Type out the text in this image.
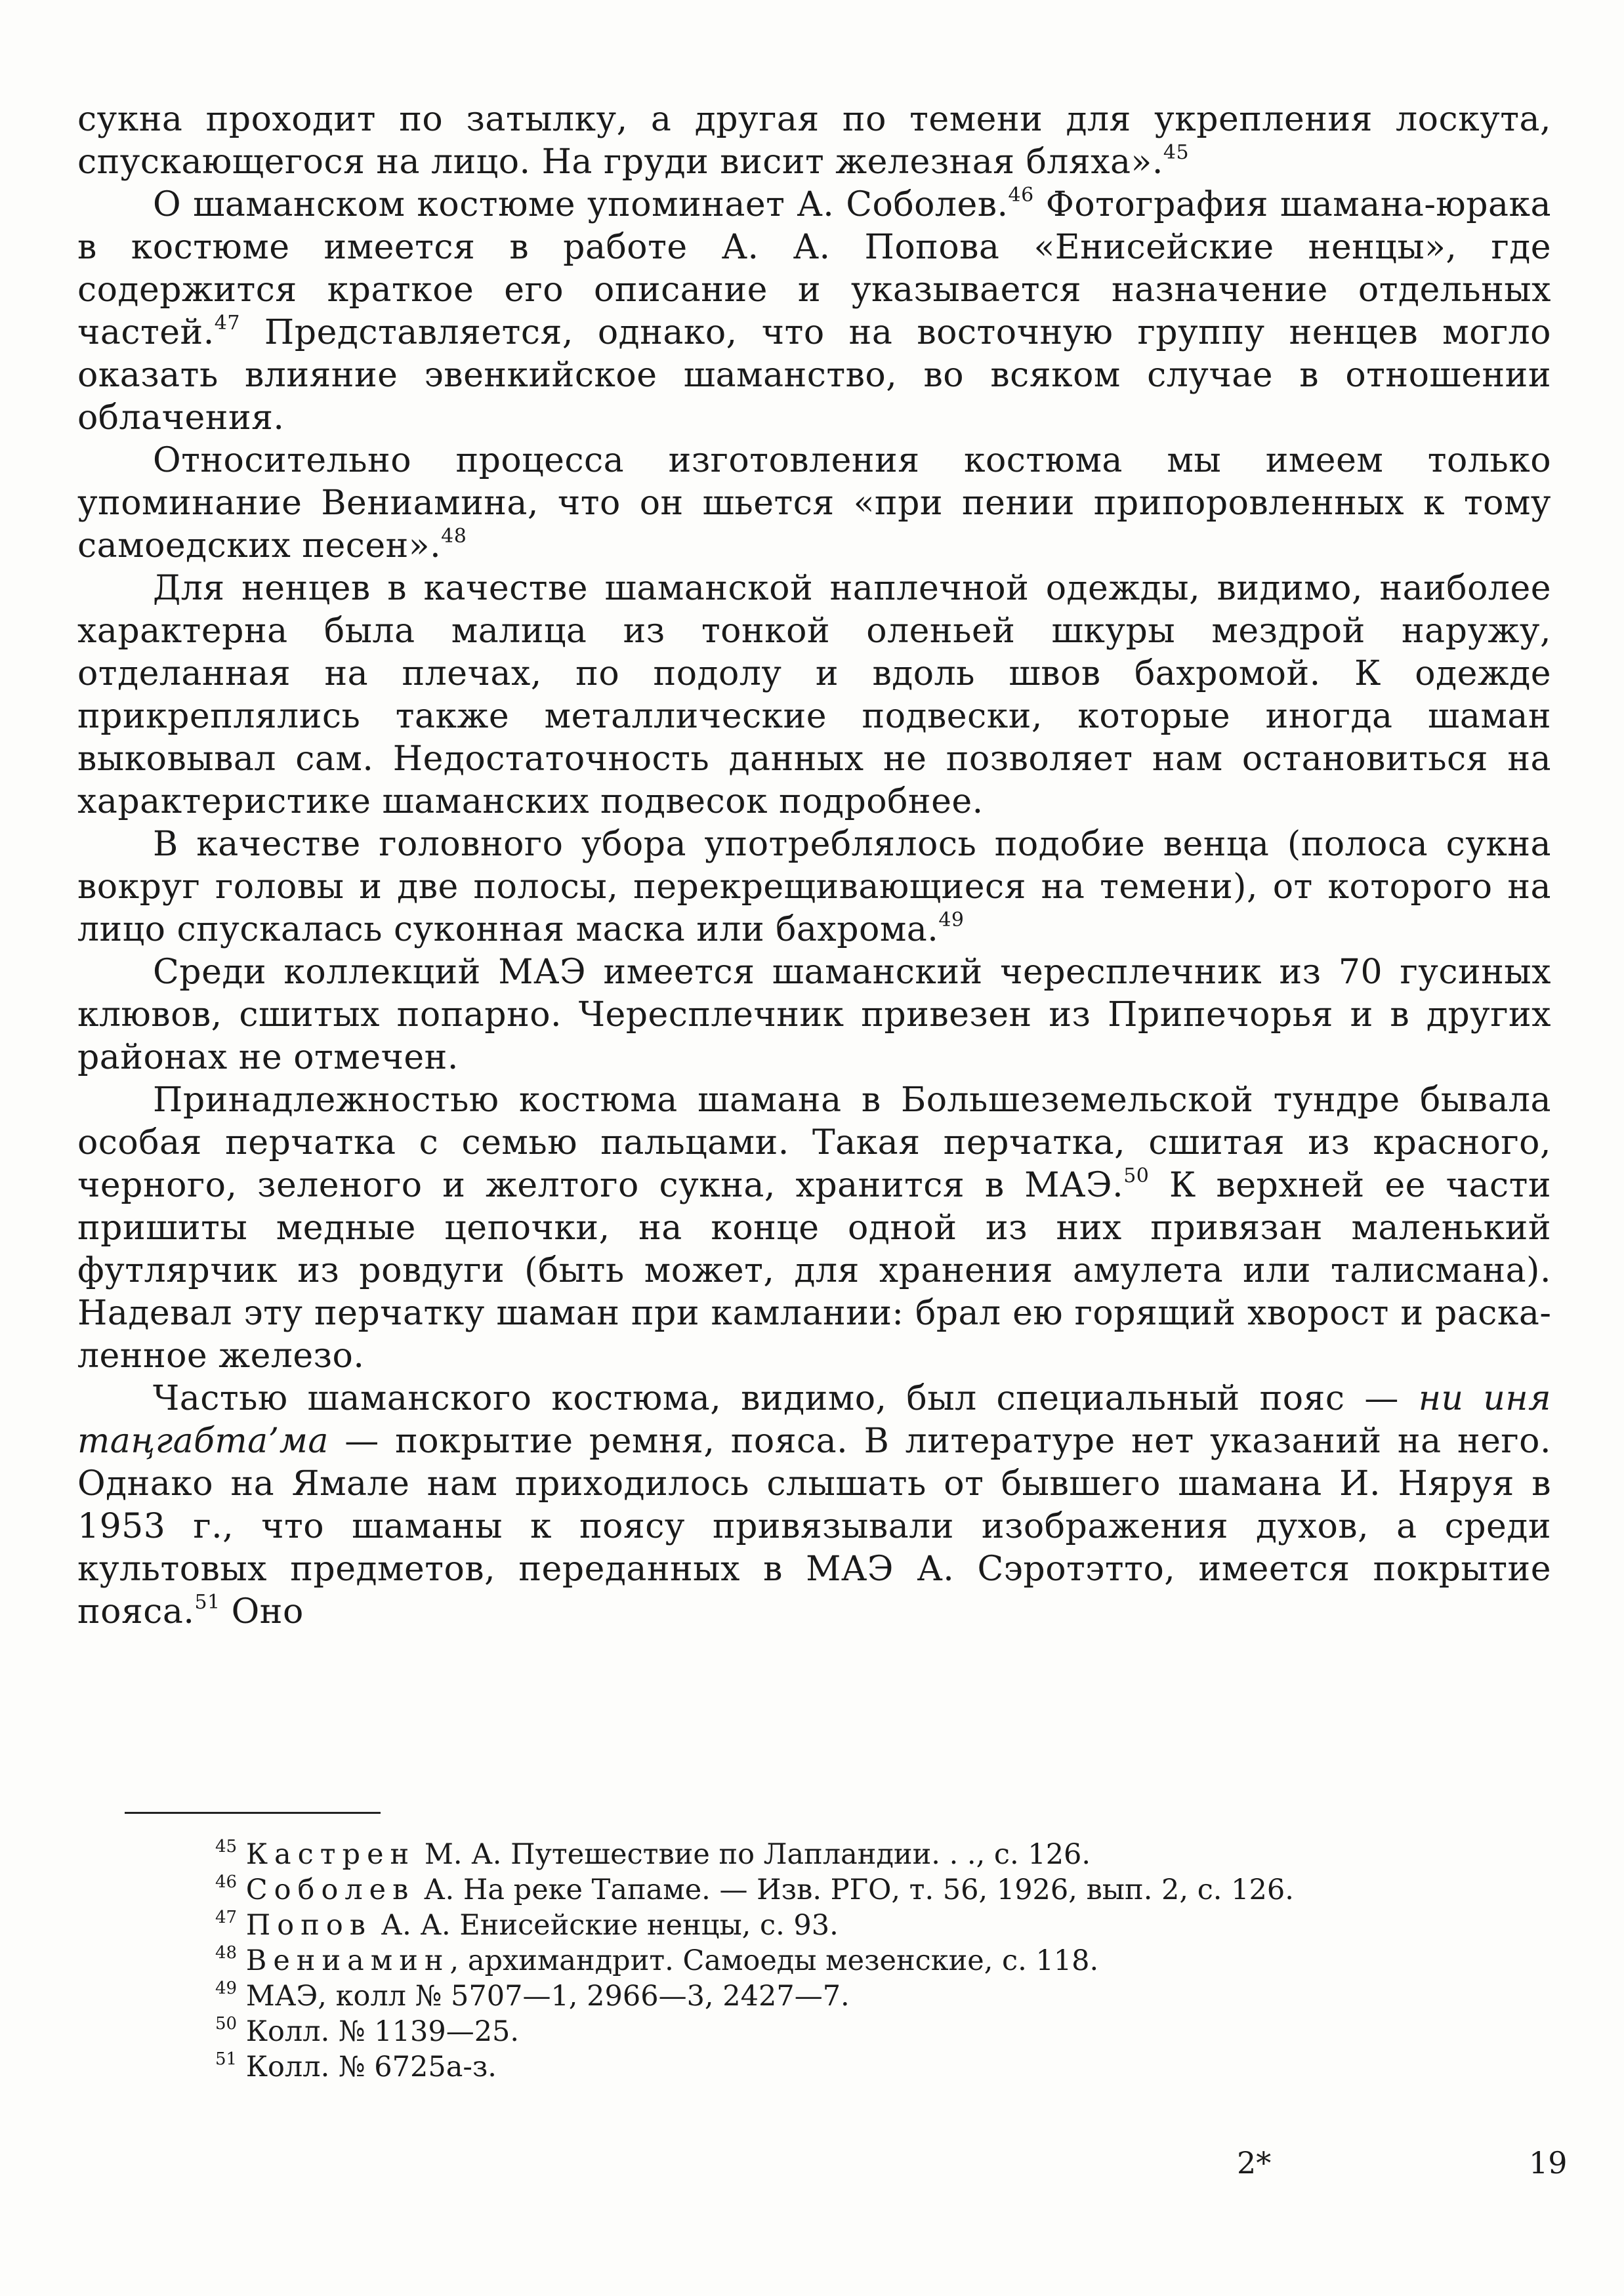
сукна проходит по затылку, а другая по темени для укрепления лоскута, спускающегося на лицо. На груди висит железная бляха».$^{45}$

О шаманском костюме упоминает А. Соболев.$^{46}$ Фотография шамана-юрака в костюме имеется в работе А. А. Попова «Енисейские ненцы», где содержится краткое его описание и указывается назначение отдельных частей.$^{47}$ Представляется, однако, что на восточную группу ненцев могло оказать влияние эвенкийское шаманство, во всяком случае в отношении облачения.

Относительно процесса изготовления костюма мы имеем только упоминание Вениамина, что он шьется «при пении припоровленных к тому самоедских песен».$^{48}$

Для ненцев в качестве шаманской наплечной одежды, видимо, наиболее характерна была малица из тонкой оленьей шкуры мездрой наружу, отделанная на плечах, по подолу и вдоль швов бахромой. К одежде прикреплялись также металлические подвески, которые иногда шаман выковывал сам. Недостаточность данных не позволяет нам остановиться на характеристике шаманских подвесок подробнее.

В качестве головного убора употреблялось подобие венца (полоса сукна вокруг головы и две полосы, перекрещивающиеся на темени), от которого на лицо спускалась суконная маска или бахрома.$^{49}$

Среди коллекций МАЭ имеется шаманский чересплечник из 70 гусиных клювов, сшитых попарно. Чересплечник привезен из Припечорья и в других районах не отмечен.

Принадлежностью костюма шамана в Большеземельской тундре бывала особая перчатка с семью пальцами. Такая перчатка, сшитая из красного, черного, зеленого и желтого сукна, хранится в МАЭ.$^{50}$ К верхней ее части пришиты медные цепочки, на конце одной из них привязан маленький футлярчик из ровдуги (быть может, для хранения амулета или талисмана). Надевал эту перчатку шаман при камлании: брал ею горящий хворост и раскаленное железо.

Частью шаманского костюма, видимо, был специальный пояс — ни иня таңгабта’ма — покрытие ремня, пояса. В литературе нет указаний на него. Однако на Ямале нам приходилось слышать от бывшего шамана И. Няруя в 1953 г., что шаманы к поясу привязывали изображения духов, а среди культовых предметов, переданных в МАЭ А. Сэротэтто, имеется покрытие пояса.$^{51}$ Оно

$^{45}$ Кастрен М. А. Путешествие по Лапландии. . ., с. 126.

$^{46}$ Соболев А. На реке Тапаме. — Изв. РГО, т. 56, 1926, вып. 2, с. 126.

$^{47}$ Попов А. А. Енисейские ненцы, с. 93.

$^{48}$ Вениамин, архимандрит. Самоеды мезенские, с. 118.

$^{49}$ МАЭ, колл № 5707—1, 2966—3, 2427—7.

$^{50}$ Колл. № 1139—25.

$^{51}$ Колл. № 6725а-з.

2*	19
